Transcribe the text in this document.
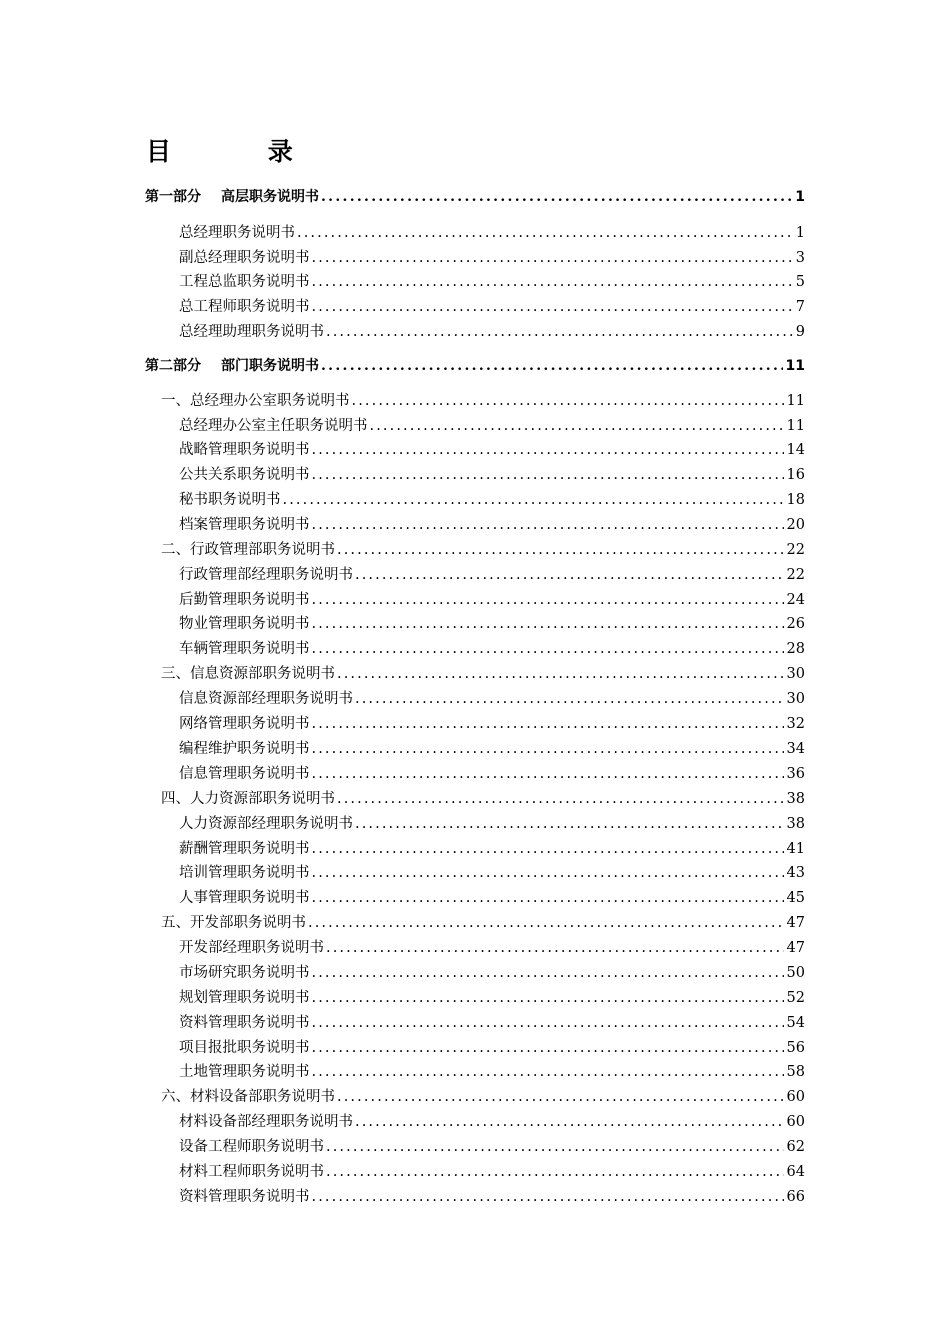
目 录
第一部分 高层职务说明书 .....	1
总经理职务说明书 .....	1
副总经理职务说明书 .....	3
工程总监职务说明书 .....	5
总工程师职务说明书 .....	7
总经理助理职务说明书 .....	9
第二部分 部门职务说明书 .....	11
一、总经理办公室职务说明书 .....	11
总经理办公室主任职务说明书 .....	11
战略管理职务说明书 .....	14
公共关系职务说明书 .....	16
秘书职务说明书 .....	18
档案管理职务说明书 .....	20
二、行政管理部职务说明书 .....	22
行政管理部经理职务说明书 .....	22
后勤管理职务说明书 .....	24
物业管理职务说明书 .....	26
车辆管理职务说明书 .....	28
三、信息资源部职务说明书 .....	30
信息资源部经理职务说明书 .....	30
网络管理职务说明书 .....	32
编程维护职务说明书 .....	34
信息管理职务说明书 .....	36
四、人力资源部职务说明书 .....	38
人力资源部经理职务说明书 .....	38
薪酬管理职务说明书 .....	41
培训管理职务说明书 .....	43
人事管理职务说明书 .....	45
五、开发部职务说明书 .....	47
开发部经理职务说明书 .....	47
市场研究职务说明书 .....	50
规划管理职务说明书 .....	52
资料管理职务说明书 .....	54
项目报批职务说明书 .....	56
土地管理职务说明书 .....	58
六、材料设备部职务说明书 .....	60
材料设备部经理职务说明书 .....	60
设备工程师职务说明书 .....	62
材料工程师职务说明书 .....	64
资料管理职务说明书 .....	66
